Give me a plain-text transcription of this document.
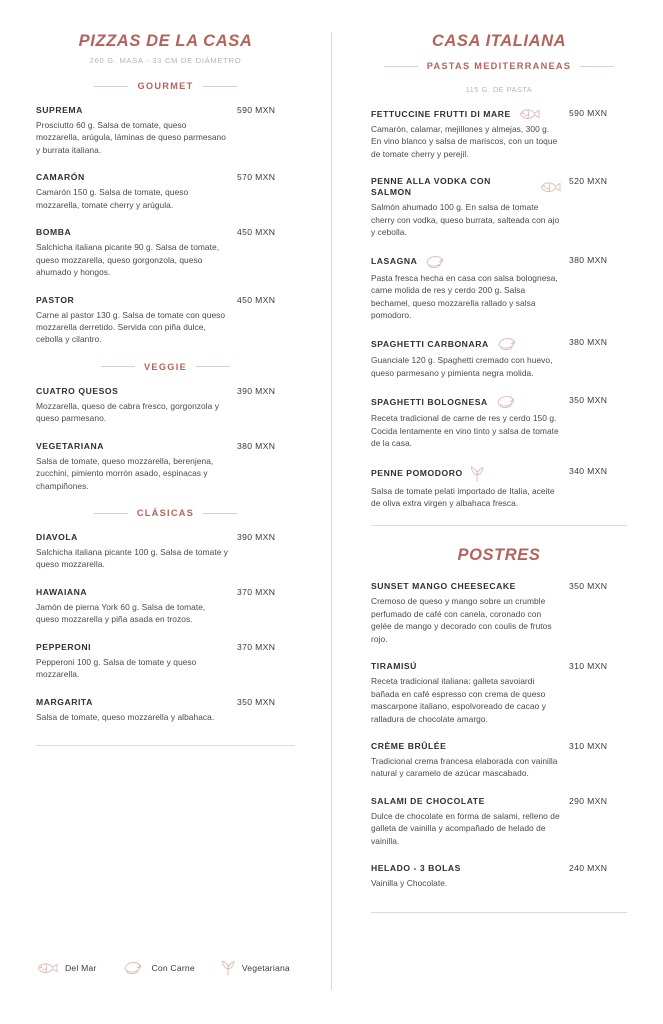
PIZZAS DE LA CASA
260 G. MASA - 33 CM DE DIÁMETRO
GOURMET
SUPREMA
Prosciutto 60 g. Salsa de tomate, queso mozzarella, arúgula, láminas de queso parmesano y burrata italiana.
590 MXN
CAMARÓN
Camarón 150 g. Salsa de tomate, queso mozzarella, tomate cherry y arúgula.
570 MXN
BOMBA
Salchicha italiana picante 90 g. Salsa de tomate, queso mozzarella, queso gorgonzola, queso ahumado y hongos.
450 MXN
PASTOR
Carne al pastor 130 g. Salsa de tomate con queso mozzarella derretido. Servida con piña dulce, cebolla y cilantro.
450 MXN
VEGGIE
CUATRO QUESOS
Mozzarella, queso de cabra fresco, gorgonzola y queso parmesano.
390 MXN
VEGETARIANA
Salsa de tomate, queso mozzarella, berenjena, zucchini, pimiento morrón asado, espinacas y champiñones.
380 MXN
CLÁSICAS
DIAVOLA
Salchicha italiana picante 100 g. Salsa de tomate y queso mozzarella.
390 MXN
HAWAIANA
Jamón de pierna York 60 g. Salsa de tomate, queso mozzarella y piña asada en trozos.
370 MXN
PEPPERONI
Pepperoni 100 g. Salsa de tomate y queso mozzarella.
370 MXN
MARGARITA
Salsa de tomate, queso mozzarella y albahaca.
350 MXN
Del Mar	Con Carne	Vegetariana
CASA ITALIANA
PASTAS MEDITERRANEAS
115 G. DE PASTA
FETTUCCINE FRUTTI DI MARE
Camarón, calamar, mejillones y almejas, 300 g. En vino blanco y salsa de mariscos, con un toque de tomate cherry y perejil.
590 MXN
PENNE ALLA VODKA CON SALMON
Salmón ahumado 100 g. En salsa de tomate cherry con vodka, queso burrata, salteada con ajo y cebolla.
520 MXN
LASAGNA
Pasta fresca hecha en casa con salsa bolognesa, carne molida de res y cerdo 200 g. Salsa bechamel, queso mozzarella rallado y salsa pomodoro.
380 MXN
SPAGHETTI CARBONARA
Guanciale 120 g. Spaghetti cremado con huevo, queso parmesano y pimienta negra molida.
380 MXN
SPAGHETTI BOLOGNESA
Receta tradicional de carne de res y cerdo 150 g. Cocida lentamente en vino tinto y salsa de tomate de la casa.
350 MXN
PENNE POMODORO
Salsa de tomate pelati importado de Italia, aceite de oliva extra virgen y albahaca fresca.
340 MXN
POSTRES
SUNSET MANGO CHEESECAKE
Cremoso de queso y mango sobre un crumble perfumado de café con canela, coronado con gelée de mango y decorado con coulis de frutos rojo.
350 MXN
TIRAMISÚ
Receta tradicional italiana: galleta savoiardi bañada en café espresso con crema de queso mascarpone italiano, espolvoreado de cacao y ralladura de chocolate amargo.
310 MXN
CRÈME BRÛLÉE
Tradicional crema francesa elaborada con vainilla natural y caramelo de azúcar mascabado.
310 MXN
SALAMI DE CHOCOLATE
Dulce de chocolate en forma de salami, relleno de galleta de vainilla y acompañado de helado de vainilla.
290 MXN
HELADO - 3 BOLAS
Vainilla y Chocolate.
240 MXN
